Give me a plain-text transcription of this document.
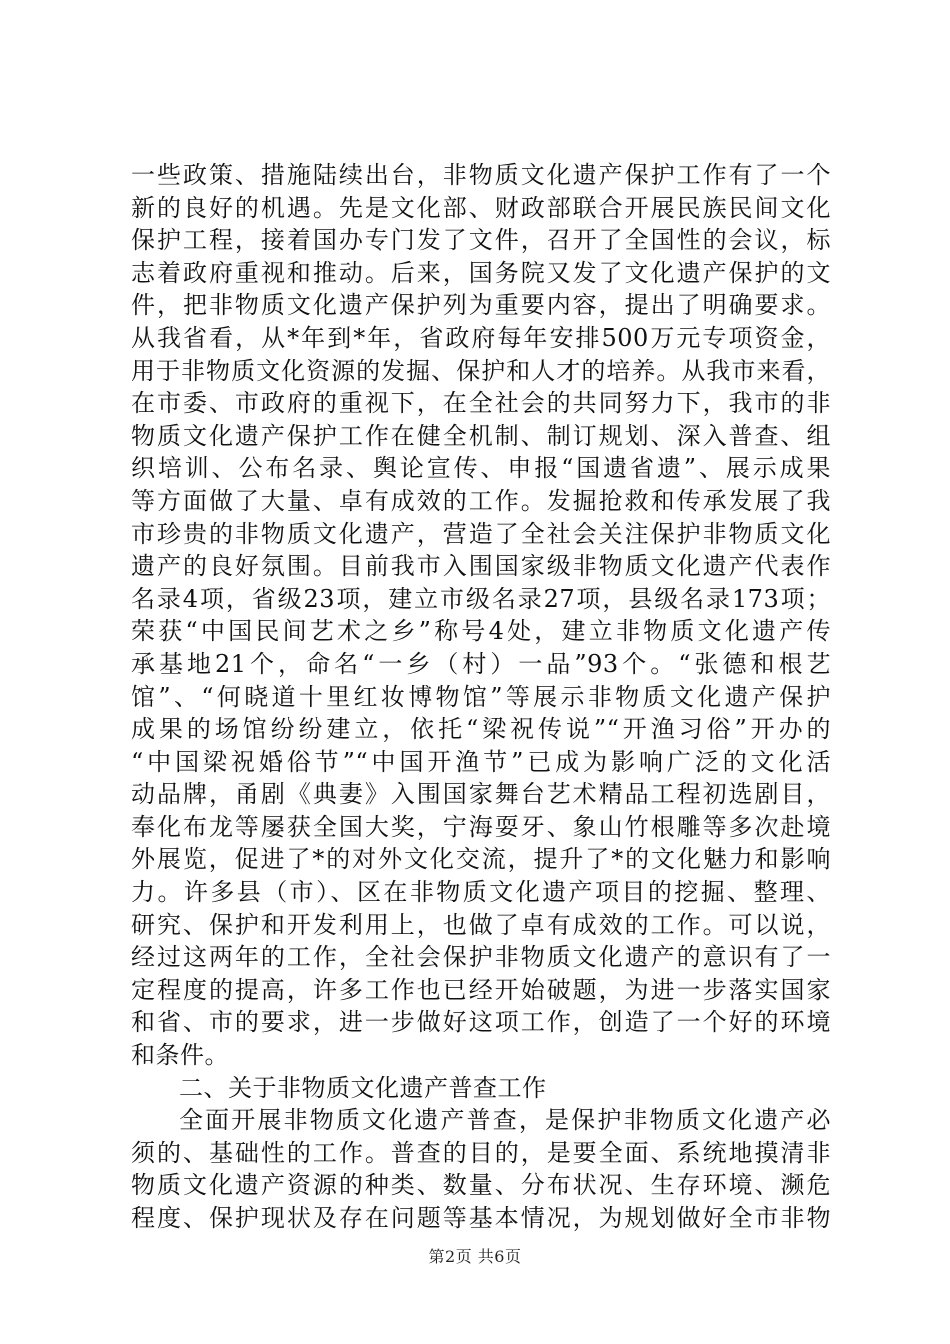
一些政策、措施陆续出台，非物质文化遗产保护工作有了一个
新的良好的机遇。先是文化部、财政部联合开展民族民间文化
保护工程，接着国办专门发了文件，召开了全国性的会议，标
志着政府重视和推动。后来，国务院又发了文化遗产保护的文
件，把非物质文化遗产保护列为重要内容，提出了明确要求。
从我省看，从*年到*年，省政府每年安排500万元专项资金，
用于非物质文化资源的发掘、保护和人才的培养。从我市来看，
在市委、市政府的重视下，在全社会的共同努力下，我市的非
物质文化遗产保护工作在健全机制、制订规划、深入普查、组
织培训、公布名录、舆论宣传、申报“国遗省遗”、展示成果
等方面做了大量、卓有成效的工作。发掘抢救和传承发展了我
市珍贵的非物质文化遗产，营造了全社会关注保护非物质文化
遗产的良好氛围。目前我市入围国家级非物质文化遗产代表作
名录4项，省级23项，建立市级名录27项，县级名录173项；
荣获“中国民间艺术之乡”称号4处，建立非物质文化遗产传
承基地21个，命名“一乡（村）一品”93个。“张德和根艺
馆”、“何晓道十里红妆博物馆”等展示非物质文化遗产保护
成果的场馆纷纷建立，依托“梁祝传说”“开渔习俗”开办的
“中国梁祝婚俗节”“中国开渔节”已成为影响广泛的文化活
动品牌，甬剧《典妻》入围国家舞台艺术精品工程初选剧目，
奉化布龙等屡获全国大奖，宁海耍牙、象山竹根雕等多次赴境
外展览，促进了*的对外文化交流，提升了*的文化魅力和影响
力。许多县（市）、区在非物质文化遗产项目的挖掘、整理、
研究、保护和开发利用上，也做了卓有成效的工作。可以说，
经过这两年的工作，全社会保护非物质文化遗产的意识有了一
定程度的提高，许多工作也已经开始破题，为进一步落实国家
和省、市的要求，进一步做好这项工作，创造了一个好的环境
和条件。
二、关于非物质文化遗产普查工作
全面开展非物质文化遗产普查，是保护非物质文化遗产必
须的、基础性的工作。普查的目的，是要全面、系统地摸清非
物质文化遗产资源的种类、数量、分布状况、生存环境、濒危
程度、保护现状及存在问题等基本情况，为规划做好全市非物
第2页 共6页
